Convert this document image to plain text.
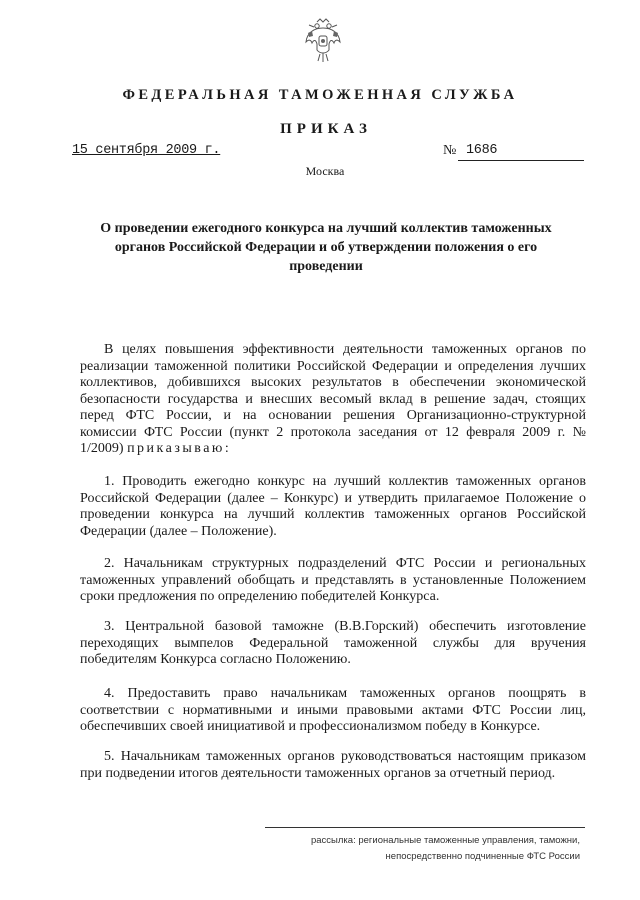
ФЕДЕРАЛЬНАЯ ТАМОЖЕННАЯ СЛУЖБА
ПРИКАЗ
15 сентября 2009 г.	№ 1686
Москва
О проведении ежегодного конкурса на лучший коллектив таможенных
органов Российской Федерации и об утверждении положения о его
проведении
В целях повышения эффективности деятельности таможенных органов по реализации таможенной политики Российской Федерации и определения лучших коллективов, добившихся высоких результатов в обеспечении экономической безопасности государства и внесших весомый вклад в решение задач, стоящих перед ФТС России, и на основании решения Организационно-структурной комиссии ФТС России (пункт 2 протокола заседания от 12 февраля 2009 г. № 1/2009) приказываю:
1. Проводить ежегодно конкурс на лучший коллектив таможенных органов Российской Федерации (далее – Конкурс) и утвердить прилагаемое Положение о проведении конкурса на лучший коллектив таможенных органов Российской Федерации (далее – Положение).
2. Начальникам структурных подразделений ФТС России и региональных таможенных управлений обобщать и представлять в установленные Положением сроки предложения по определению победителей Конкурса.
3. Центральной базовой таможне (В.В.Горский) обеспечить изготовление переходящих вымпелов Федеральной таможенной службы для вручения победителям Конкурса согласно Положению.
4. Предоставить право начальникам таможенных органов поощрять в соответствии с нормативными и иными правовыми актами ФТС России лиц, обеспечивших своей инициативой и профессионализмом победу в Конкурсе.
5. Начальникам таможенных органов руководствоваться настоящим приказом при подведении итогов деятельности таможенных органов за отчетный период.
рассылка: региональные таможенные управления, таможни,
непосредственно подчиненные ФТС России
